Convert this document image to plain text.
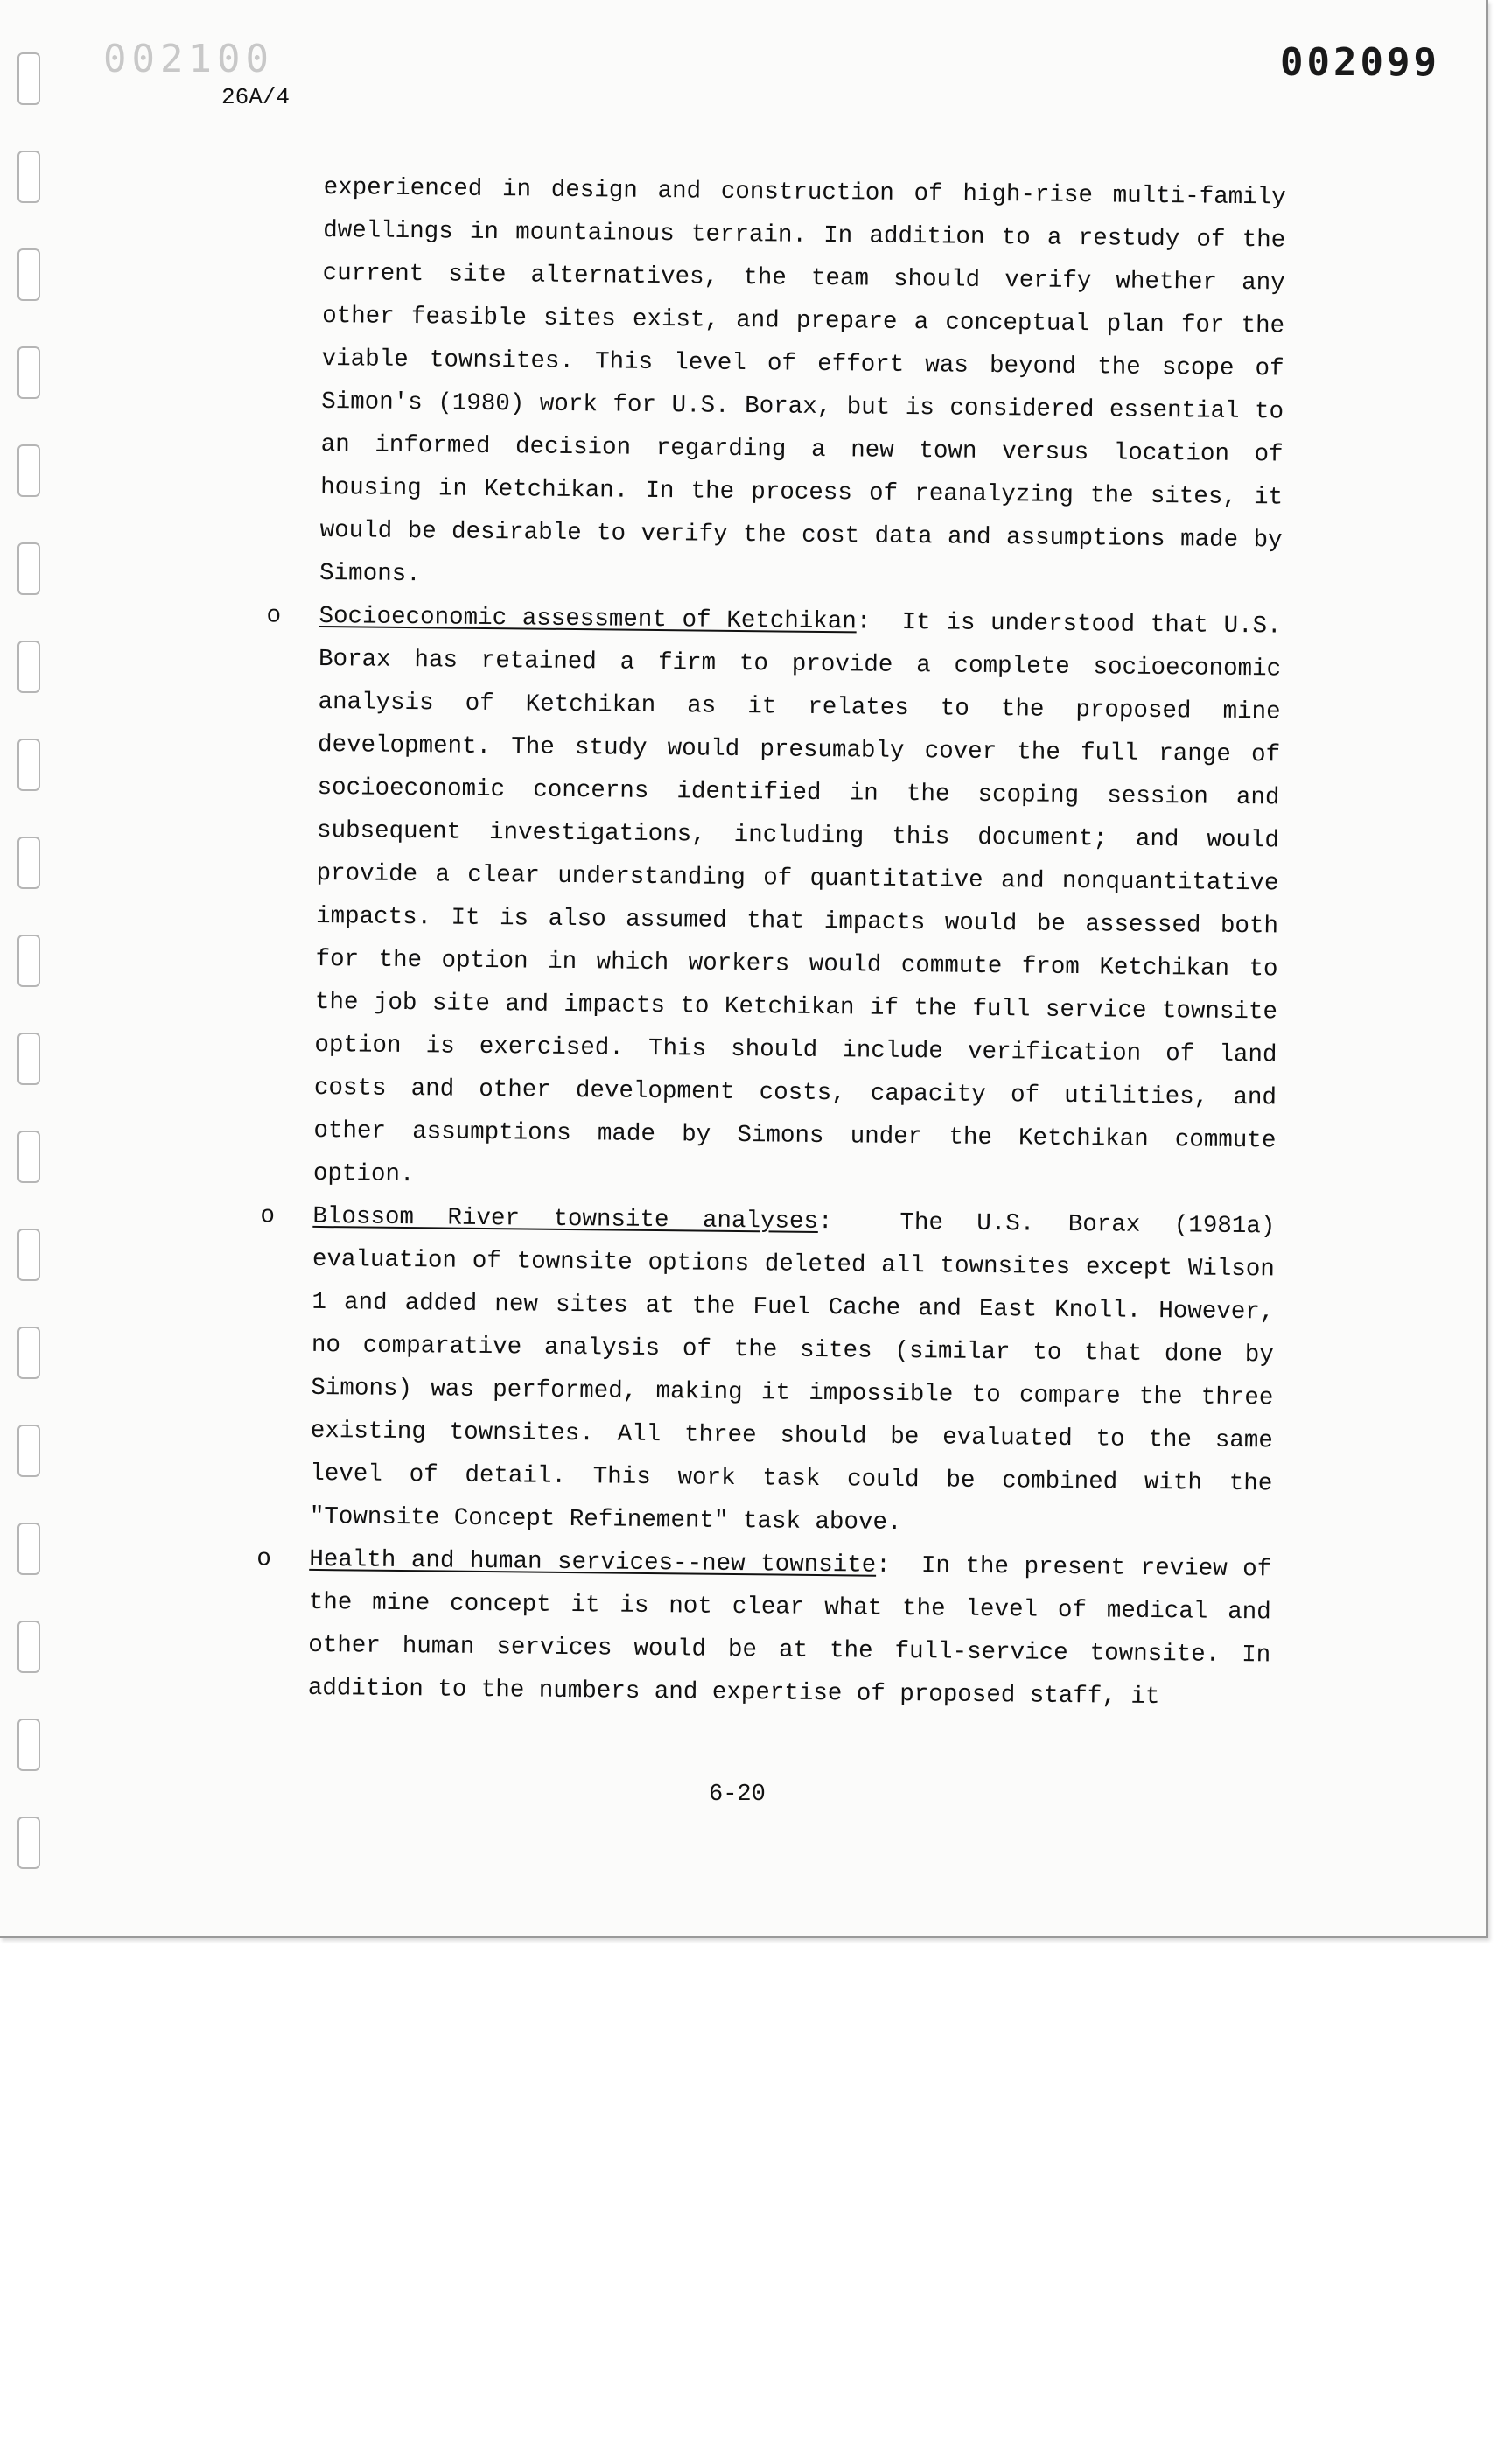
002100	002099
26A/4

experienced in design and construction of high-rise multi-family dwellings in mountainous terrain. In addition to a restudy of the current site alternatives, the team should verify whether any other feasible sites exist, and prepare a conceptual plan for the viable townsites. This level of effort was beyond the scope of Simon's (1980) work for U.S. Borax, but is considered essential to an informed decision regarding a new town versus location of housing in Ketchikan. In the process of reanalyzing the sites, it would be desirable to verify the cost data and assumptions made by Simons.

o Socioeconomic assessment of Ketchikan: It is understood that U.S. Borax has retained a firm to provide a complete socioeconomic analysis of Ketchikan as it relates to the proposed mine development. The study would presumably cover the full range of socioeconomic concerns identified in the scoping session and subsequent investigations, including this document; and would provide a clear understanding of quantitative and nonquantitative impacts. It is also assumed that impacts would be assessed both for the option in which workers would commute from Ketchikan to the job site and impacts to Ketchikan if the full service townsite option is exercised. This should include verification of land costs and other development costs, capacity of utilities, and other assumptions made by Simons under the Ketchikan commute option.

o Blossom River townsite analyses:	The U.S. Borax (1981a) evaluation of townsite options deleted all townsites except Wilson 1 and added new sites at the Fuel Cache and East Knoll. However, no comparative analysis of the sites (similar to that done by Simons) was performed, making it impossible to compare the three existing townsites. All three should be evaluated to the same level of detail. This work task could be combined with the "Townsite Concept Refinement" task above.

o Health and human services--new townsite: In the present review of the mine concept it is not clear what the level of medical and other human services would be at the full-service townsite. In addition to the numbers and expertise of proposed staff, it

6-20
